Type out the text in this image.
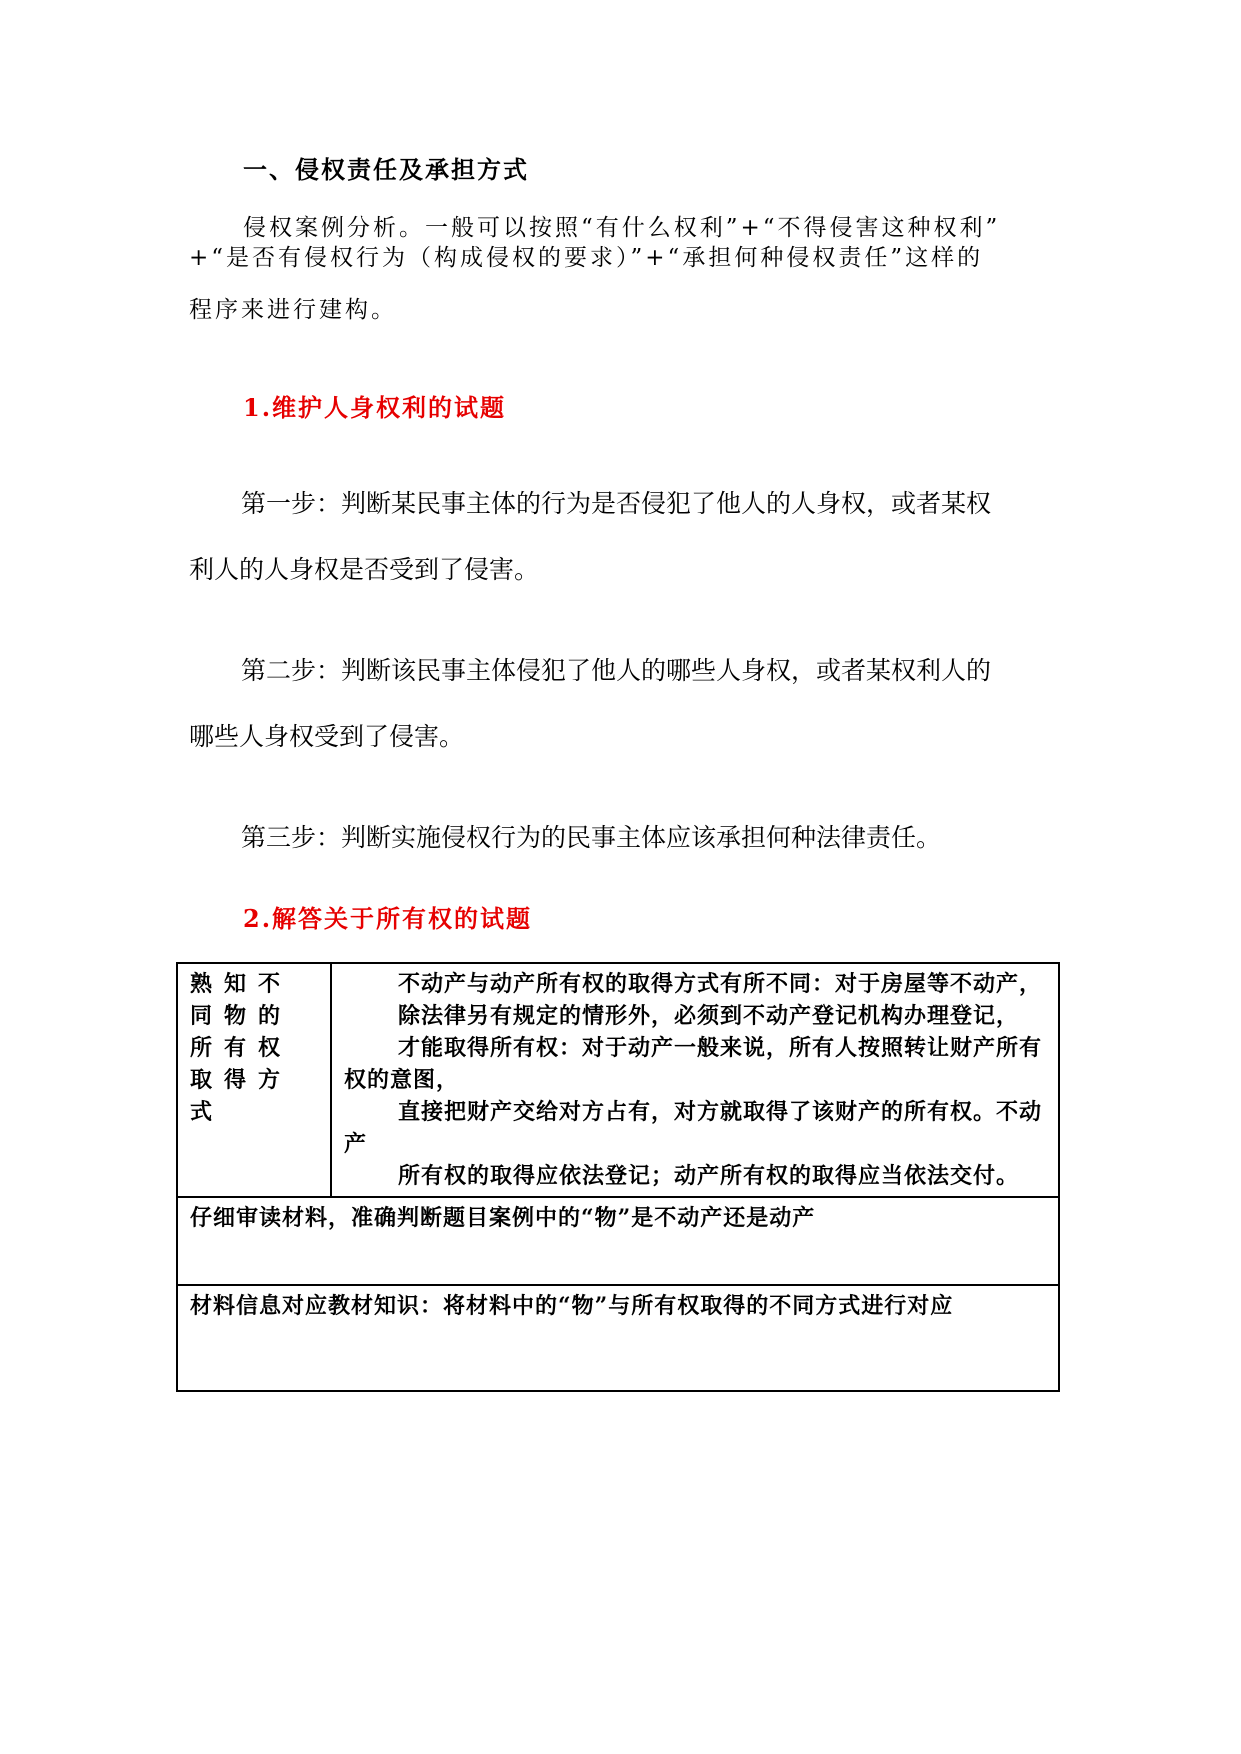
一、侵权责任及承担方式
侵权案例分析。一般可以按照“有什么权利”+“不得侵害这种权利”
+“是否有侵权行为（构成侵权的要求）”+“承担何种侵权责任”这样的
程序来进行建构。
1.维护人身权利的试题
第一步：判断某民事主体的行为是否侵犯了他人的人身权，或者某权
利人的人身权是否受到了侵害。
第二步：判断该民事主体侵犯了他人的哪些人身权，或者某权利人的
哪些人身权受到了侵害。
第三步：判断实施侵权行为的民事主体应该承担何种法律责任。
2.解答关于所有权的试题
熟知不同物的所有权取得方式	
不动产与动产所有权的取得方式有所不同：对于房屋等不动产，
除法律另有规定的情形外，必须到不动产登记机构办理登记，
才能取得所有权：对于动产一般来说，所有人按照转让财产所有权的意图，
直接把财产交给对方占有，对方就取得了该财产的所有权。不动产
所有权的取得应依法登记；动产所有权的取得应当依法交付。

仔细审读材料，准确判断题目案例中的“物”是不动产还是动产
材料信息对应教材知识：将材料中的“物”与所有权取得的不同方式进行对应
